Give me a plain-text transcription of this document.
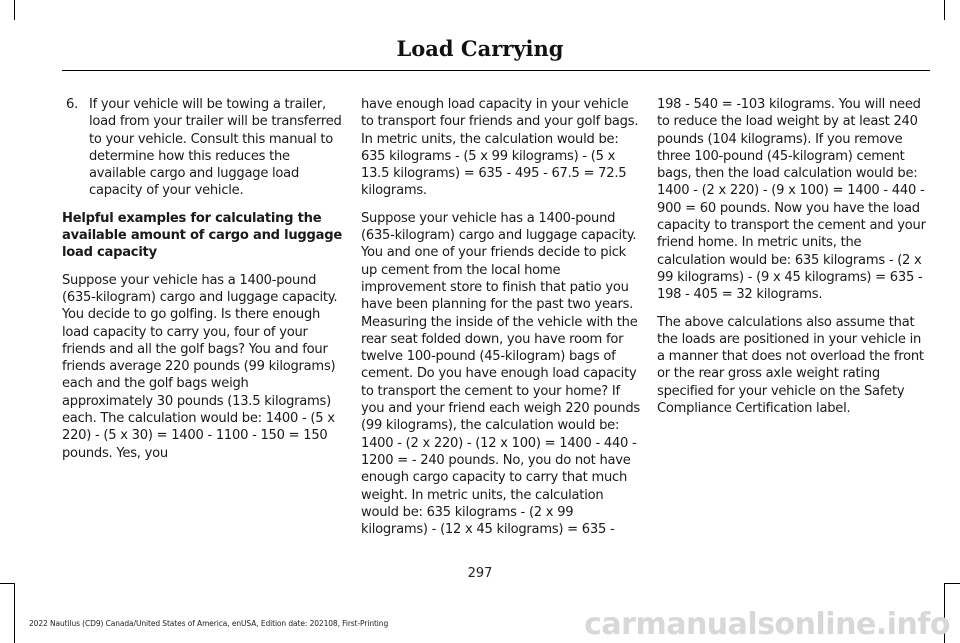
Load Carrying
6. If your vehicle will be towing a trailer, load from your trailer will be transferred to your vehicle. Consult this manual to determine how this reduces the available cargo and luggage load capacity of your vehicle.

Helpful examples for calculating the available amount of cargo and luggage load capacity

Suppose your vehicle has a 1400-pound (635-kilogram) cargo and luggage capacity. You decide to go golfing. Is there enough load capacity to carry you, four of your friends and all the golf bags? You and four friends average 220 pounds (99 kilograms) each and the golf bags weigh approximately 30 pounds (13.5 kilograms) each. The calculation would be: 1400 - (5 x 220) - (5 x 30) = 1400 - 1100 - 150 = 150 pounds. Yes, you

have enough load capacity in your vehicle to transport four friends and your golf bags. In metric units, the calculation would be: 635 kilograms - (5 x 99 kilograms) - (5 x 13.5 kilograms) = 635 - 495 - 67.5 = 72.5 kilograms.

Suppose your vehicle has a 1400-pound (635-kilogram) cargo and luggage capacity. You and one of your friends decide to pick up cement from the local home improvement store to finish that patio you have been planning for the past two years. Measuring the inside of the vehicle with the rear seat folded down, you have room for twelve 100-pound (45-kilogram) bags of cement. Do you have enough load capacity to transport the cement to your home? If you and your friend each weigh 220 pounds (99 kilograms), the calculation would be: 1400 - (2 x 220) - (12 x 100) = 1400 - 440 - 1200 = - 240 pounds. No, you do not have enough cargo capacity to carry that much weight. In metric units, the calculation would be: 635 kilograms - (2 x 99 kilograms) - (12 x 45 kilograms) = 635 -

198 - 540 = -103 kilograms. You will need to reduce the load weight by at least 240 pounds (104 kilograms). If you remove three 100-pound (45-kilogram) cement bags, then the load calculation would be: 1400 - (2 x 220) - (9 x 100) = 1400 - 440 - 900 = 60 pounds. Now you have the load capacity to transport the cement and your friend home. In metric units, the calculation would be: 635 kilograms - (2 x 99 kilograms) - (9 x 45 kilograms) = 635 - 198 - 405 = 32 kilograms.

The above calculations also assume that the loads are positioned in your vehicle in a manner that does not overload the front or the rear gross axle weight rating specified for your vehicle on the Safety Compliance Certification label.

297
2022 Nautilus (CD9) Canada/United States of America, enUSA, Edition date: 202108, First-Printing	carmanualsonline.info
